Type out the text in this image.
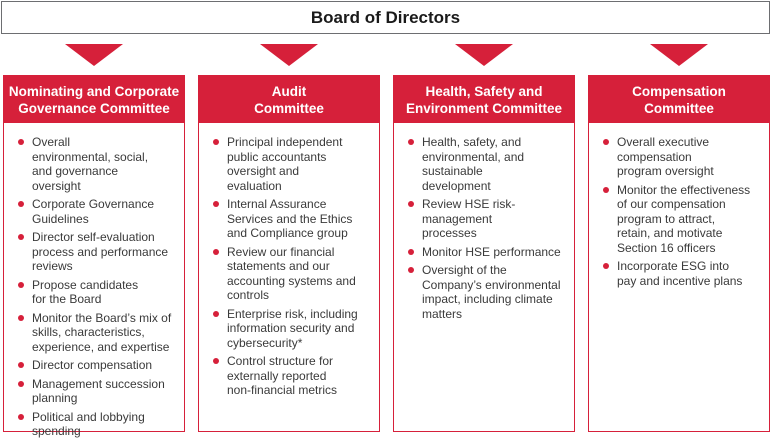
Board of Directors
Nominating and Corporate
Governance Committee
Overall environmental, social, and governance oversight
Corporate Governance Guidelines
Director self-evaluation process and performance reviews
Propose candidates for the Board
Monitor the Board’s mix of skills, characteristics, experience, and expertise
Director compensation
Management succession planning
Political and lobbying spending
Audit
Committee
Principal independent public accountants oversight and evaluation
Internal Assurance Services and the Ethics and Compliance group
Review our financial statements and our accounting systems and controls
Enterprise risk, including information security and cybersecurity*
Control structure for externally reported non-financial metrics
Health, Safety and
Environment Committee
Health, safety, and environmental, and sustainable development
Review HSE risk-management processes
Monitor HSE performance
Oversight of the Company’s environmental impact, including climate matters
Compensation
Committee
Overall executive compensation program oversight
Monitor the effectiveness of our compensation program to attract, retain, and motivate Section 16 officers
Incorporate ESG into pay and incentive plans
